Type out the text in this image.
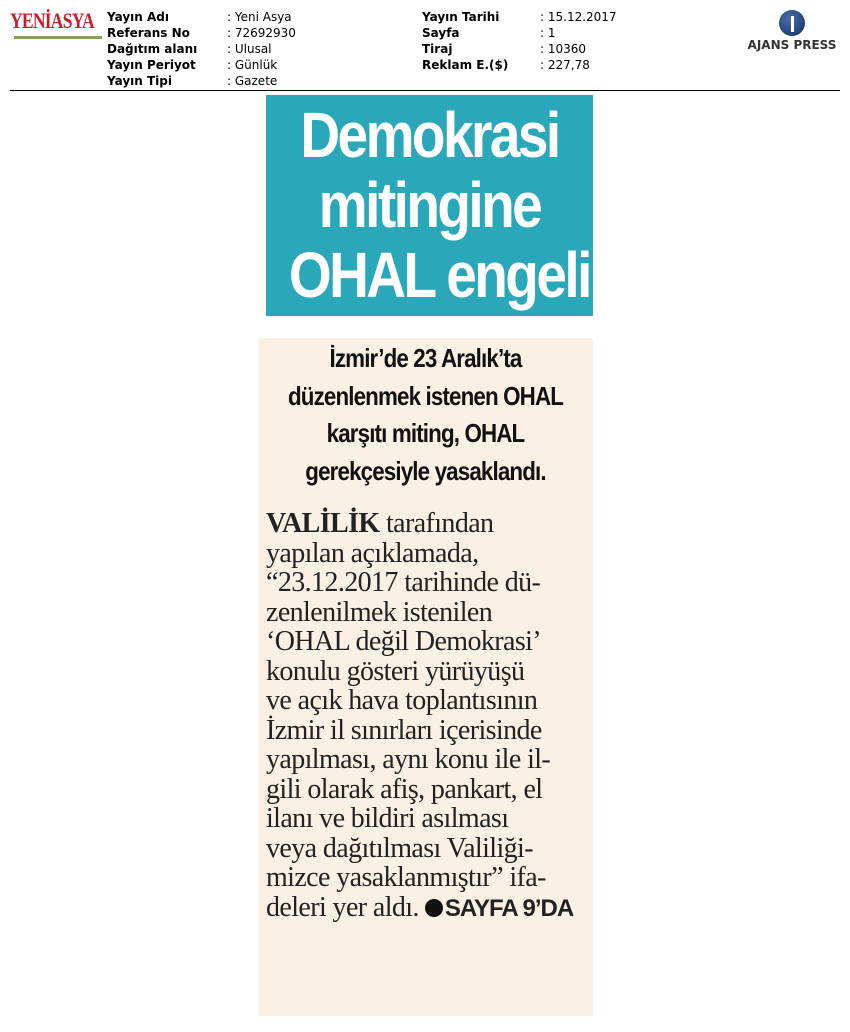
YENİASYA Yayın Adı	: Yeni Asya
Referans No	: 72692930
Dağıtım alanı	: Ulusal
Yayın Periyot	: Günlük
Yayın Tipi	: Gazete
Yayın Tarihi	: 15.12.2017
Sayfa	: 1
Tiraj	: 10360
Reklam E.($)	: 227,78
AJANS PRESS
Demokrasi
mitingine
OHAL engeli
İzmir’de 23 Aralık’ta
düzenlenmek istenen OHAL
karşıtı miting, OHAL
gerekçesiyle yasaklandı.
VALİLİK tarafından
yapılan açıklamada,
“23.12.2017 tarihinde dü-
zenlenilmek istenilen
‘OHAL değil Demokrasi’
konulu gösteri yürüyüşü
ve açık hava toplantısının
İzmir il sınırları içerisinde
yapılması, aynı konu ile il-
gili olarak afiş, pankart, el
ilanı ve bildiri asılması
veya dağıtılması Valiliği-
mizce yasaklanmıştır” ifa-
deleri yer aldı. SAYFA 9’DA
